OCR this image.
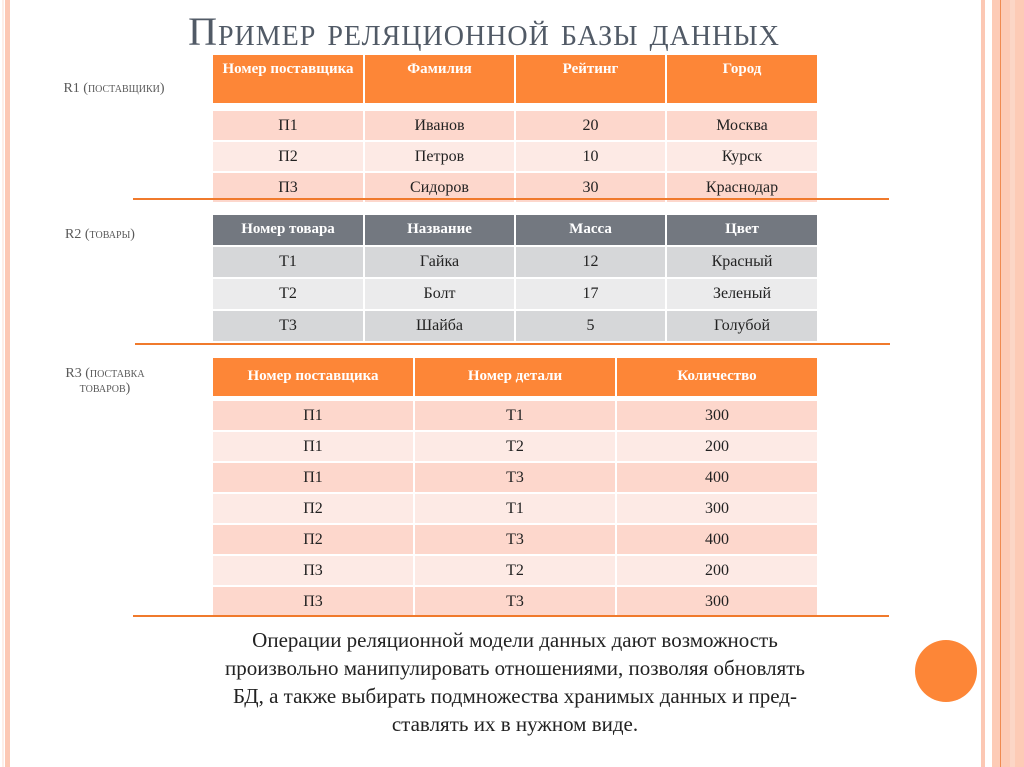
Пример реляционной базы данных
R1 (поставщики)
Номер поставщика	Фамилия	Рейтинг	Город

П1	Иванов	20	Москва
П2	Петров	10	Курск
П3	Сидоров	30	Краснодар
R2 (товары)	Номер товара	Название	Масса	Цвет
Т1	Гайка	12	Красный
Т2	Болт	17	Зеленый
Т3	Шайба	5	Голубой
R3 (поставка
товаров)
Номер поставщика	Номер детали	Количество

П1	Т1	300
П1	Т2	200
П1	Т3	400
П2	Т1	300
П2	Т3	400
П3	Т2	200
П3	Т3	300
Операции реляционной модели данных дают возможность
произвольно манипулировать отношениями, позволяя обновлять
БД, а также выбирать подмножества хранимых данных и пред-
ставлять их в нужном виде.
